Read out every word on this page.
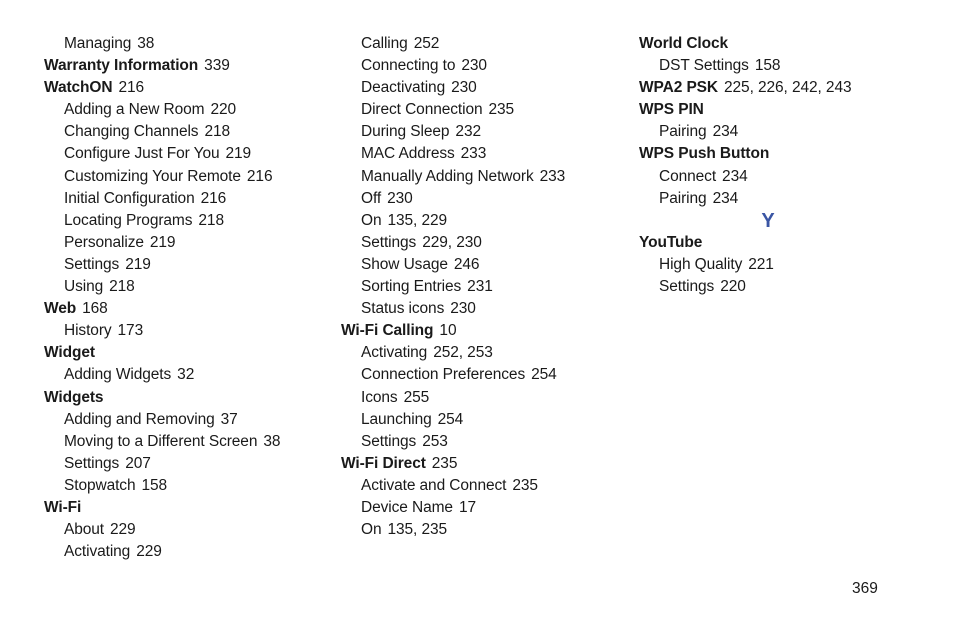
Managing 38
Warranty Information 339
WatchON 216
Adding a New Room 220
Changing Channels 218
Configure Just For You 219
Customizing Your Remote 216
Initial Configuration 216
Locating Programs 218
Personalize 219
Settings 219
Using 218
Web 168
History 173
Widget
Adding Widgets 32
Widgets
Adding and Removing 37
Moving to a Different Screen 38
Settings 207
Stopwatch 158
Wi-Fi
About 229
Activating 229
Calling 252
Connecting to 230
Deactivating 230
Direct Connection 235
During Sleep 232
MAC Address 233
Manually Adding Network 233
Off 230
On 135, 229
Settings 229, 230
Show Usage 246
Sorting Entries 231
Status icons 230
Wi-Fi Calling 10
Activating 252, 253
Connection Preferences 254
Icons 255
Launching 254
Settings 253
Wi-Fi Direct 235
Activate and Connect 235
Device Name 17
On 135, 235
World Clock
DST Settings 158
WPA2 PSK 225, 226, 242, 243
WPS PIN
Pairing 234
WPS Push Button
Connect 234
Pairing 234
Y
YouTube
High Quality 221
Settings 220
369
